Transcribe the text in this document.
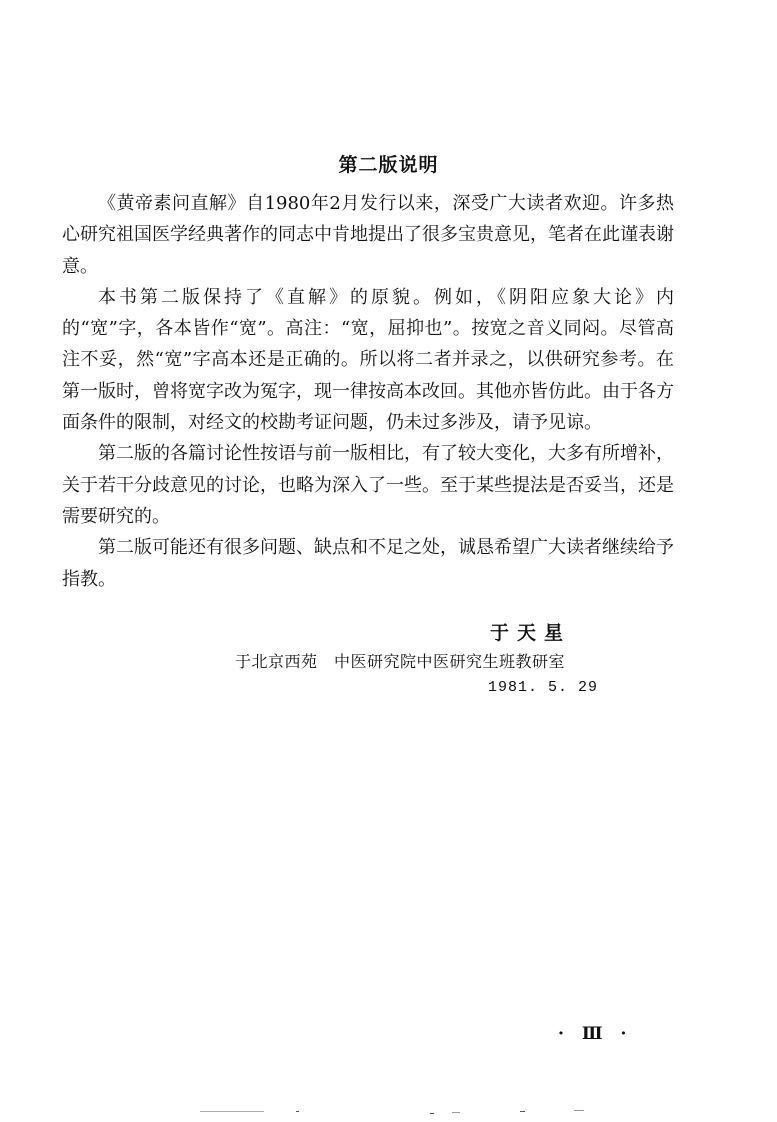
第二版说明

《黄帝素问直解》自1980年2月发行以来，深受广大读者欢迎。许多热心研究祖国医学经典著作的同志中肯地提出了很多宝贵意见，笔者在此谨表谢意。

本书第二版保持了《直解》的原貌。例如，《阴阳应象大论》内的“宽”字，各本皆作“宽”。高注：“宽，屈抑也”。按宽之音义同闷。尽管高注不妥，然“宽”字高本还是正确的。所以将二者并录之，以供研究参考。在第一版时，曾将宽字改为冤字，现一律按高本改回。其他亦皆仿此。由于各方面条件的限制，对经文的校勘考证问题，仍未过多涉及，请予见谅。

第二版的各篇讨论性按语与前一版相比，有了较大变化，大多有所增补，关于若干分歧意见的讨论，也略为深入了一些。至于某些提法是否妥当，还是需要研究的。

第二版可能还有很多问题、缺点和不足之处，诚恳希望广大读者继续给予指教。

于天星
于北京西苑　中医研究院中医研究生班教研室
1981. 5. 29
· Ⅲ ·
